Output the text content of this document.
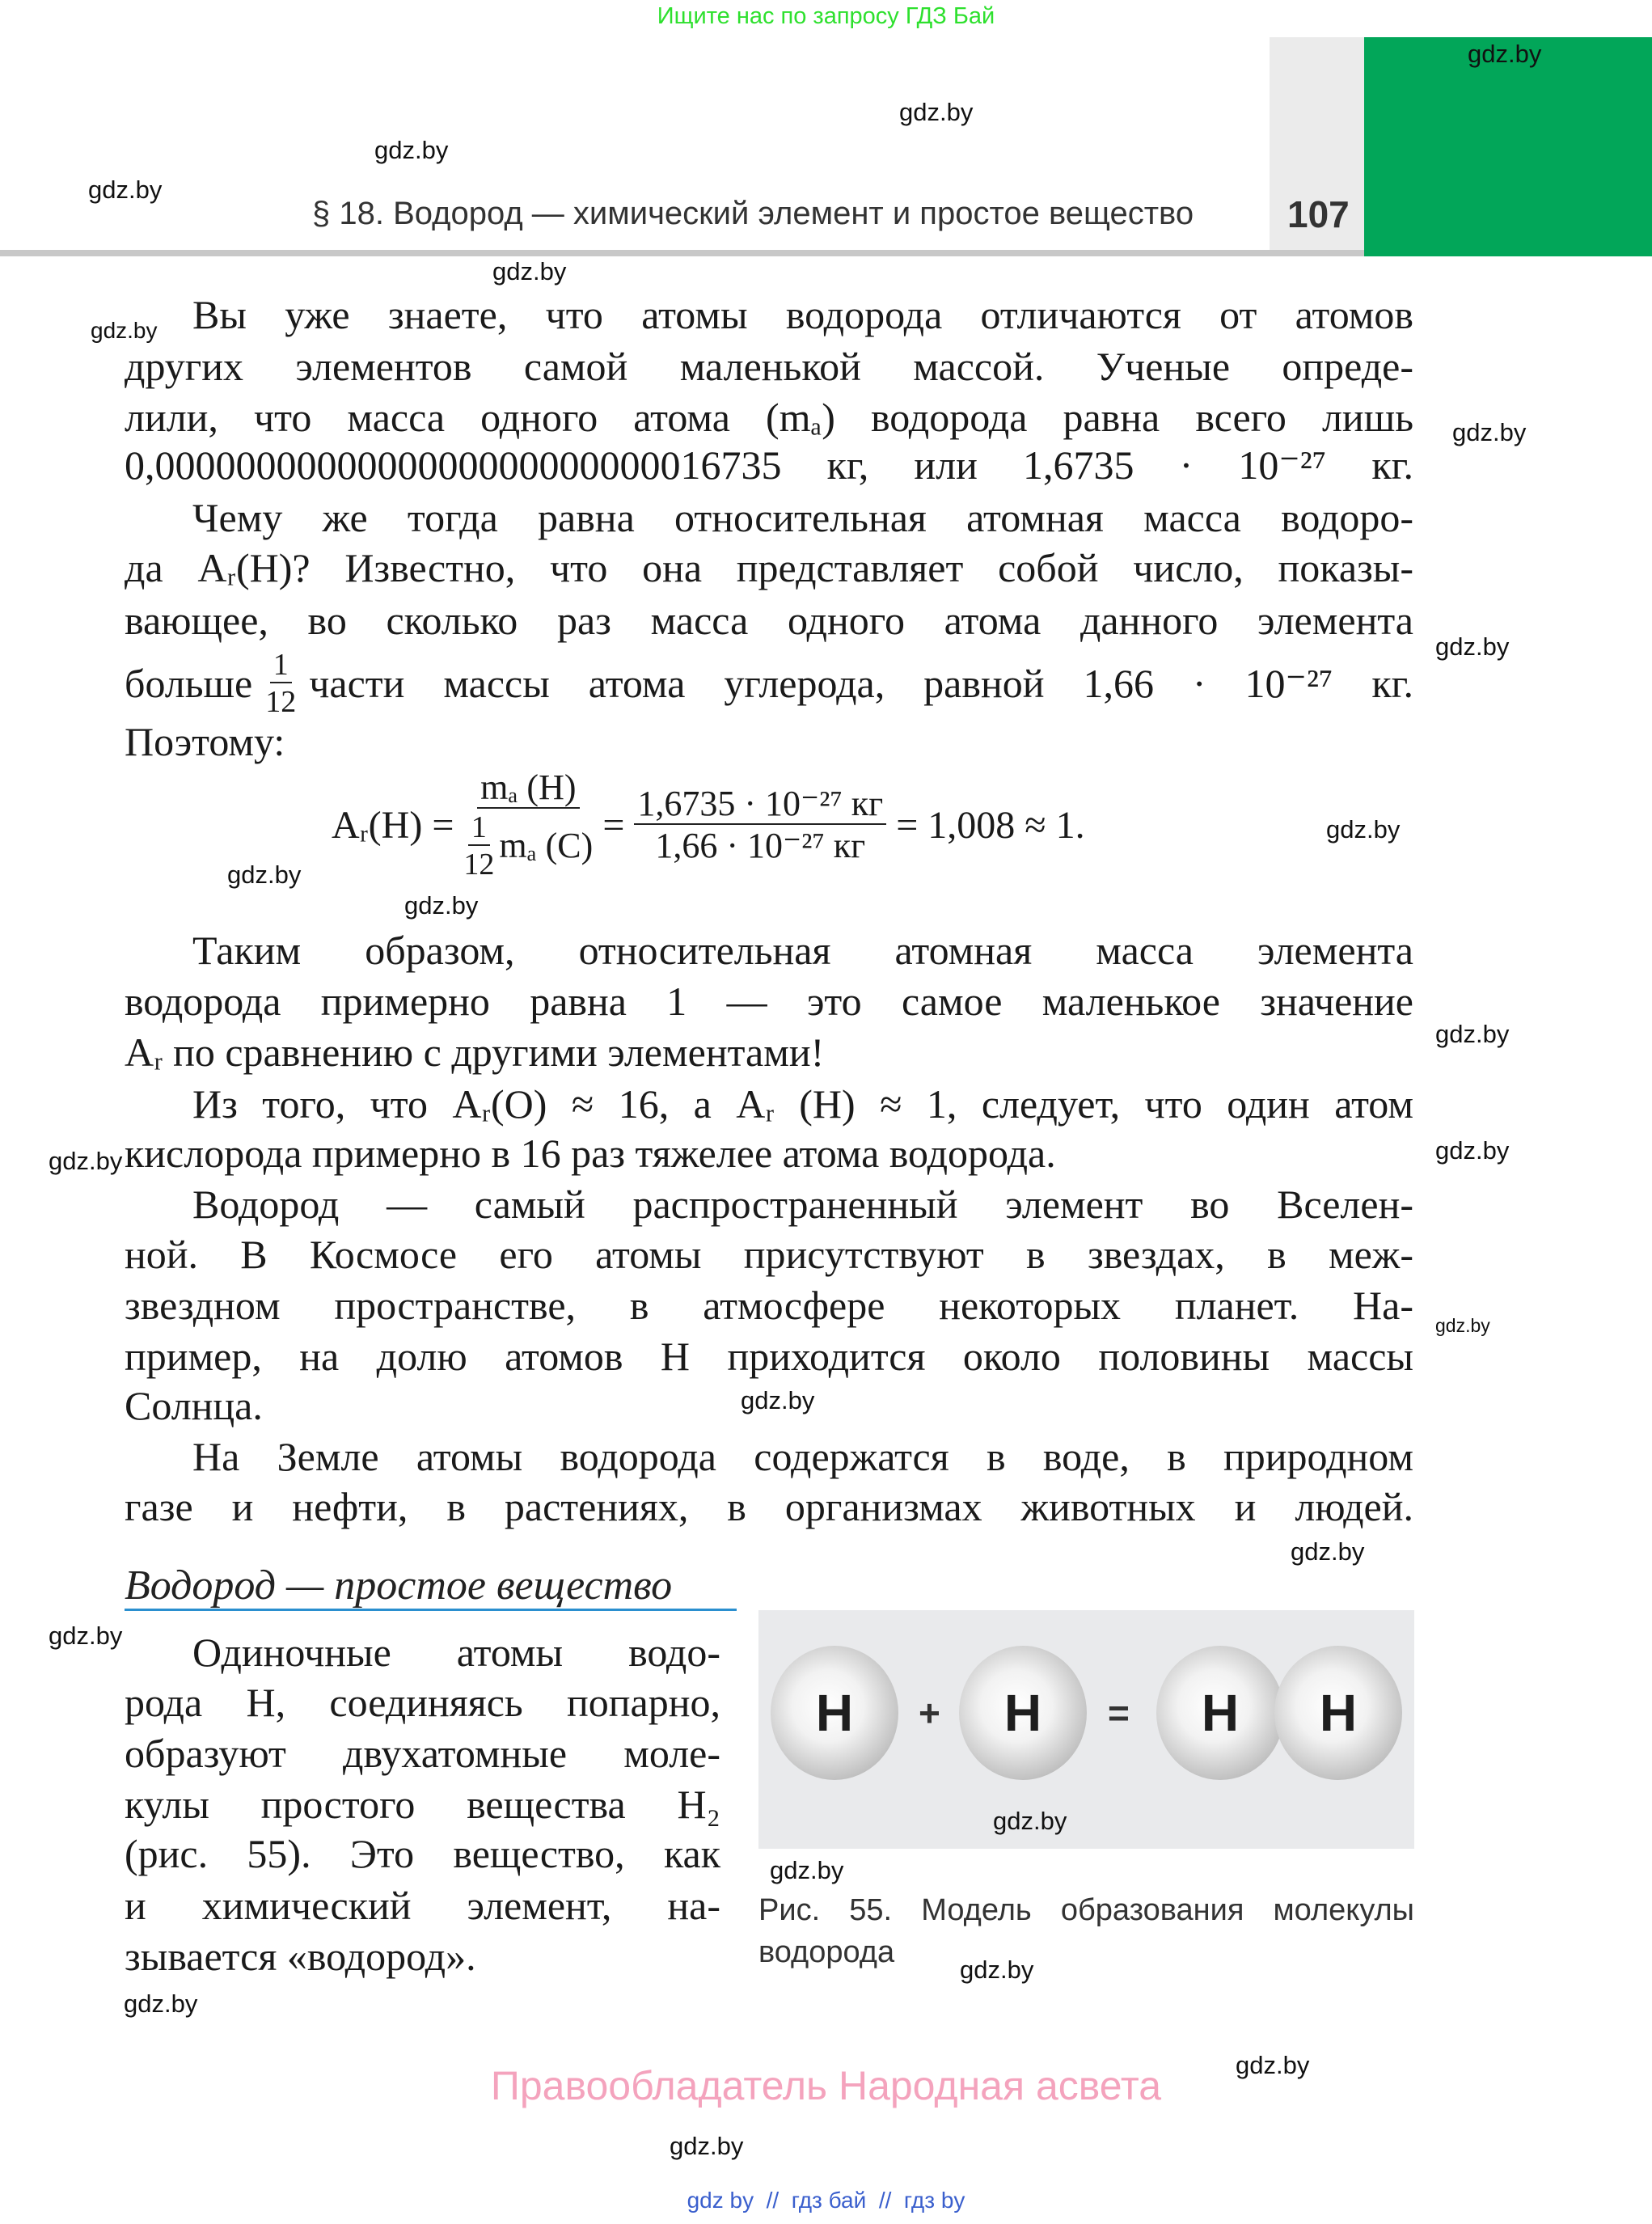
Ищите нас по запросу ГДЗ Бай
§ 18. Водород — химический элемент и простое вещество	107
gdz.by
gdz.by
gdz.by
gdz.by
gdz.by
gdz.by
gdz.by
gdz.by
gdz.by
gdz.by
gdz.by
gdz.by
gdz.by
gdz.by
gdz.by
gdz.by
gdz.by
gdz.by
gdz.by
gdz.by
gdz.by
gdz.by
gdz.by
Вы уже знаете, что атомы водорода отличаются от атомов
других элементов самой маленькой массой. Ученые опреде-
лили, что масса одного атома (mₐ) водорода равна всего лишь
0,0000000000000000000000000016735 кг, или 1,6735 · 10⁻²⁷ кг.
Чему же тогда равна относительная атомная масса водоро-
да Aᵣ(H)? Известно, что она представляет собой число, показы-
вающее, во сколько раз масса одного атома данного элемента
больше $\frac{1}{12}$ части массы атома углерода, равной 1,66 · 10⁻²⁷ кг.
Поэтому:
Aᵣ(H) = $\frac{\text{mₐ (H)}}{\frac{1}{12} m_a (C)} = \frac{\text{1,6735 · 10⁻²⁷ кг}}{\text{1,66 · 10⁻²⁷ кг}} = 1,008 \approx 1$.
Таким образом, относительная атомная масса элемента
водорода примерно равна 1 — это самое маленькое значение
Aᵣ по сравнению с другими элементами!
Из того, что Aᵣ(O) ≈ 16, а Aᵣ (H) ≈ 1, следует, что один атом
кислорода примерно в 16 раз тяжелее атома водорода.
Водород — самый распространенный элемент во Вселен-
ной. В Космосе его атомы присутствуют в звездах, в меж-
звездном пространстве, в атмосфере некоторых планет. На-
пример, на долю атомов H приходится около половины массы
Солнца.
На Земле атомы водорода содержатся в воде, в природном
газе и нефти, в растениях, в организмах животных и людей.
Водород — простое вещество
Одиночные атомы водо-
рода H, соединяясь попарно,
образуют двухатомные моле-
кулы простого вещества H₂
(рис. 55). Это вещество, как
и химический элемент, на-
зывается «водород».
H	+	H	=	H	H
gdz.by
Рис. 55. Модель образования молекулы
водорода
Правообладатель Народная асвета
gdz by  //  гдз бай  //  гдз by
